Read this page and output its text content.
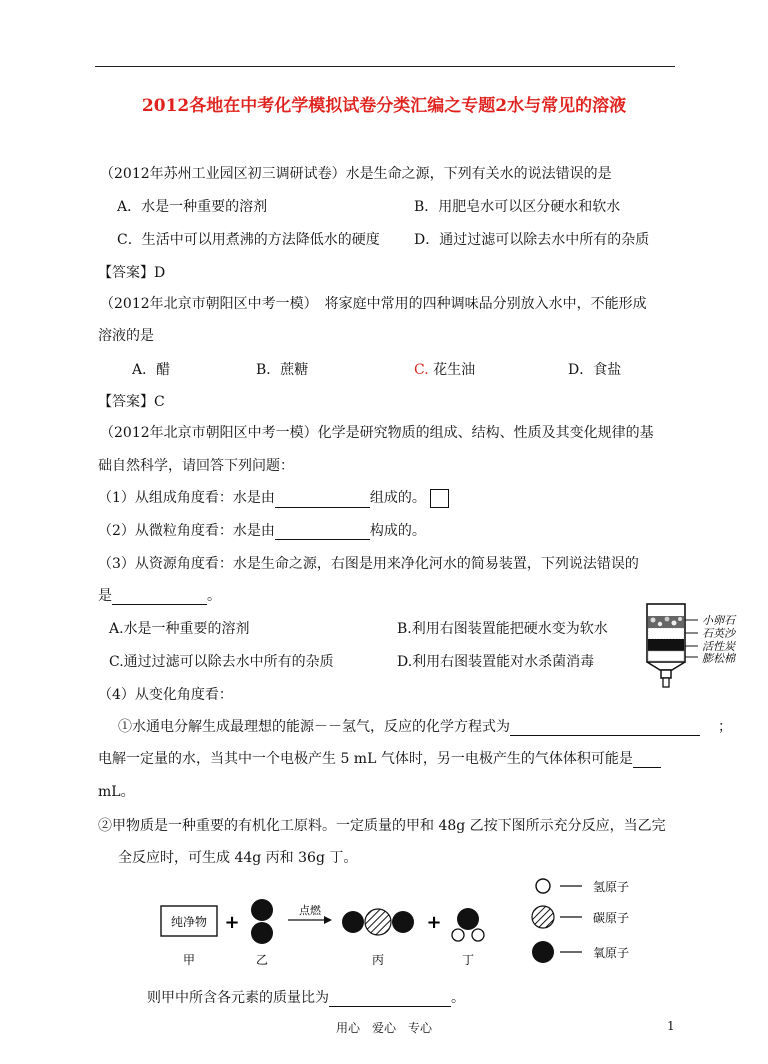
2012各地在中考化学模拟试卷分类汇编之专题2水与常见的溶液
（2012年苏州工业园区初三调研试卷）水是生命之源，下列有关水的说法错误的是
A．水是一种重要的溶剂	B．用肥皂水可以区分硬水和软水
C．生活中可以用煮沸的方法降低水的硬度 D．通过过滤可以除去水中所有的杂质
【答案】D
（2012年北京市朝阳区中考一模）　将家庭中常用的四种调味品分别放入水中，不能形成
溶液的是
A．醋	B．蔗糖	C. 花生油	D．食盐
【答案】C
（2012年北京市朝阳区中考一模）化学是研究物质的组成、结构、性质及其变化规律的基
础自然科学，请回答下列问题：
（1）从组成角度看：水是由	组成的。
（2）从微粒角度看：水是由	构成的。
（3）从资源角度看：水是生命之源，右图是用来净化河水的简易装置，下列说法错误的
是	。
A.水是一种重要的溶剂	B.利用右图装置能把硬水变为软水
C.通过过滤可以除去水中所有的杂质	D.利用右图装置能对水杀菌消毒
小卵石
石英沙
活性炭
膨松棉
（4）从变化角度看：
①水通电分解生成最理想的能源－－氢气，反应的化学方程式为	；
电解一定量的水，当其中一个电极产生 5 mL 气体时，另一电极产生的气体体积可能是
mL。
②甲物质是一种重要的有机化工原料。一定质量的甲和 48g 乙按下图所示充分反应，当乙完
全反应时，可生成 44g 丙和 36g 丁。
纯净物 +
点燃
+
甲	乙	丙	丁
氢原子
碳原子
氧原子
则甲中所含各元素的质量比为	。
用心　爱心　专心	1
